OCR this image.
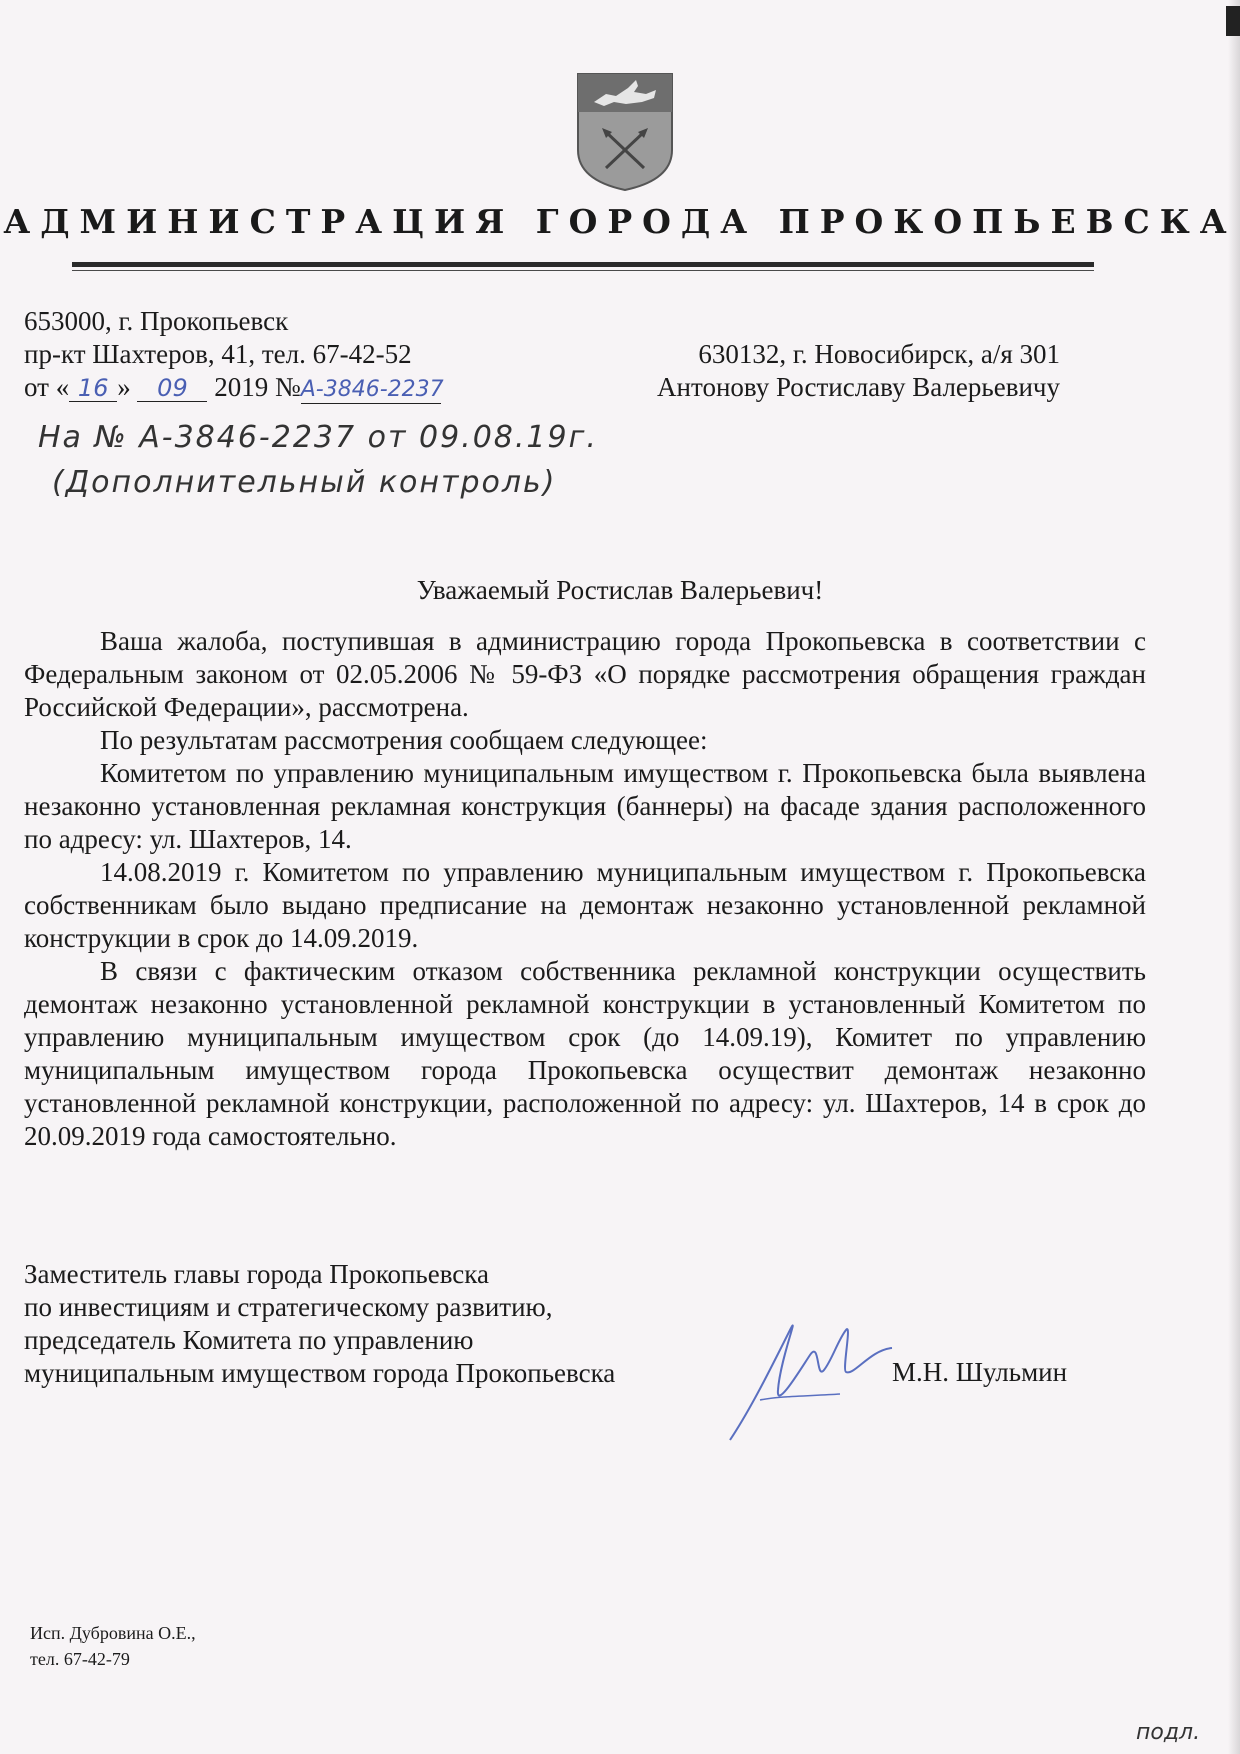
АДМИНИСТРАЦИЯ ГОРОДА ПРОКОПЬЕВСКА
653000, г. Прокопьевск
пр-кт Шахтеров, 41, тел. 67-42-52
от « 16 » 09 2019 №А-3846-2237
630132, г. Новосибирск, а/я 301
Антонову Ростиславу Валерьевичу
На № А-3846-2237 от 09.08.19г.
(Дополнительный контроль)
Уважаемый Ростислав Валерьевич!

Ваша жалоба, поступившая в администрацию города Прокопьевска в соответствии с Федеральным законом от 02.05.2006 № 59-ФЗ «О порядке рассмотрения обращения граждан Российской Федерации», рассмотрена.

По результатам рассмотрения сообщаем следующее:

Комитетом по управлению муниципальным имуществом г. Прокопьевска была выявлена незаконно установленная рекламная конструкция (баннеры) на фасаде здания расположенного по адресу: ул. Шахтеров, 14.

14.08.2019 г. Комитетом по управлению муниципальным имуществом г. Прокопьевска собственникам было выдано предписание на демонтаж незаконно установленной рекламной конструкции в срок до 14.09.2019.

В связи с фактическим отказом собственника рекламной конструкции осуществить демонтаж незаконно установленной рекламной конструкции в установленный Комитетом по управлению муниципальным имуществом срок (до 14.09.19), Комитет по управлению муниципальным имуществом города Прокопьевска осуществит демонтаж незаконно установленной рекламной конструкции, расположенной по адресу: ул. Шахтеров, 14 в срок до 20.09.2019 года самостоятельно.

Заместитель главы города Прокопьевска
по инвестициям и стратегическому развитию,
председатель Комитета по управлению
муниципальным имуществом города Прокопьевска	М.Н. Шульмин
Исп. Дубровина О.Е.,
тел. 67-42-79
подл.
